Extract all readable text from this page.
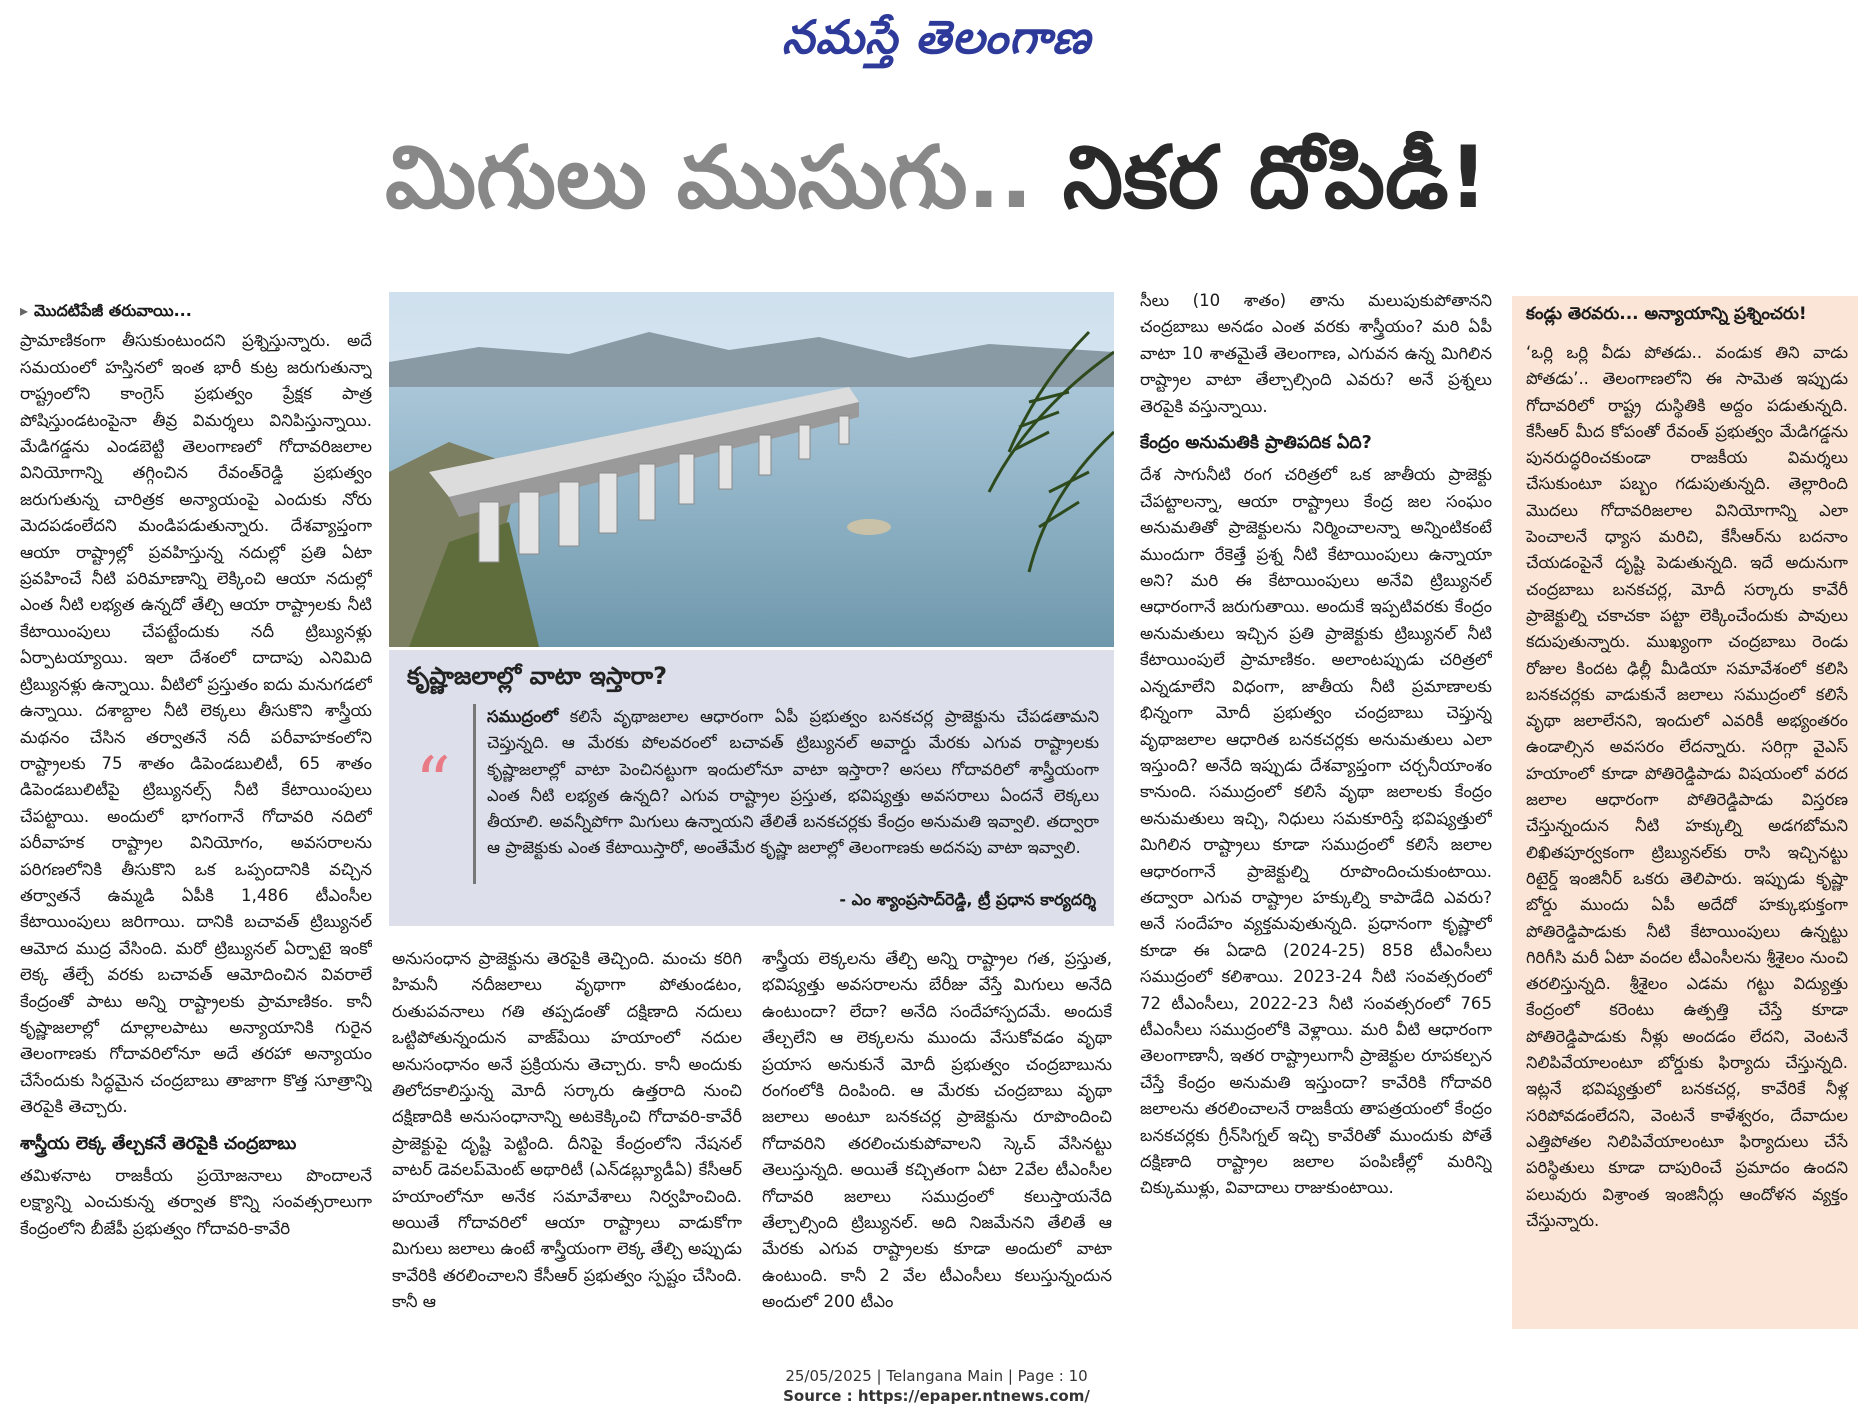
నమస్తే తెలంగాణ
మిగులు ముసుగు.. నికర దోపిడీ!
▸ మొదటిపేజీ తరువాయి...

ప్రామాణికంగా తీసుకుంటుందని ప్రశ్నిస్తున్నారు. అదే సమయంలో హస్తినలో ఇంత భారీ కుట్ర జరుగుతున్నా రాష్ట్రంలోని కాంగ్రెస్ ప్రభుత్వం ప్రేక్షక పాత్ర పోషిస్తుండటంపైనా తీవ్ర విమర్శలు వినిపిస్తున్నాయి. మేడిగడ్డను ఎండబెట్టి తెలంగాణలో గోదావరిజలాల వినియోగాన్ని తగ్గించిన రేవంత్‌రెడ్డి ప్రభుత్వం జరుగుతున్న చారిత్రక అన్యాయంపై ఎందుకు నోరు మెదపడంలేదని మండిపడుతున్నారు. దేశవ్యాప్తంగా ఆయా రాష్ట్రాల్లో ప్రవహిస్తున్న నదుల్లో ప్రతి ఏటా ప్రవహించే నీటి పరిమాణాన్ని లెక్కించి ఆయా నదుల్లో ఎంత నీటి లభ్యత ఉన్నదో తేల్చి ఆయా రాష్ట్రాలకు నీటి కేటాయింపులు చేపట్టేందుకు నదీ ట్రిబ్యునళ్లు ఏర్పాటయ్యాయి. ఇలా దేశంలో దాదాపు ఎనిమిది ట్రిబ్యునళ్లు ఉన్నాయి. వీటిలో ప్రస్తుతం ఐదు మనుగడలో ఉన్నాయి. దశాబ్దాల నీటి లెక్కలు తీసుకొని శాస్త్రీయ మథనం చేసిన తర్వాతనే నదీ పరీవాహకంలోని రాష్ట్రాలకు 75 శాతం డిపెండబులిటీ, 65 శాతం డిపెండబులిటీపై ట్రిబ్యునల్స్ నీటి కేటాయింపులు చేపట్టాయి. అందులో భాగంగానే గోదావరి నదిలో పరీవాహక రాష్ట్రాల వినియోగం, అవసరాలను పరిగణలోనికి తీసుకొని ఒక ఒప్పందానికి వచ్చిన తర్వాతనే ఉమ్మడి ఏపీకి 1,486 టీఎంసీల కేటాయింపులు జరిగాయి. దానికి బచావత్ ట్రిబ్యునల్ ఆమోద ముద్ర వేసింది. మరో ట్రిబ్యునల్ ఏర్పాటై ఇంకో లెక్క తేల్చే వరకు బచావత్ ఆమోదించిన వివరాలే కేంద్రంతో పాటు అన్ని రాష్ట్రాలకు ప్రామాణికం. కానీ కృష్ణాజలాల్లో దూల్లాలపాటు అన్యాయానికి గురైన తెలంగాణకు గోదావరిలోనూ అదే తరహా అన్యాయం చేసేందుకు సిద్ధమైన చంద్రబాబు తాజాగా కొత్త సూత్రాన్ని తెరపైకి తెచ్చారు.

శాస్త్రీయ లెక్క తేల్చకనే తెరపైకి చంద్రబాబు

తమిళనాట రాజకీయ ప్రయోజనాలు పొందాలనే లక్ష్యాన్ని ఎంచుకున్న తర్వాత కొన్ని సంవత్సరాలుగా కేంద్రంలోని బీజేపీ ప్రభుత్వం గోదావరి-కావేరి

కృష్ణాజలాల్లో వాటా ఇస్తారా?
“
సముద్రంలో కలిసే వృథాజలాల ఆధారంగా ఏపీ ప్రభుత్వం బనకచర్ల ప్రాజెక్టును చేపడతామని చెప్తున్నది. ఆ మేరకు పోలవరంలో బచావత్ ట్రిబ్యునల్ అవార్డు మేరకు ఎగువ రాష్ట్రాలకు కృష్ణాజలాల్లో వాటా పెంచినట్టుగా ఇందులోనూ వాటా ఇస్తారా? అసలు గోదావరిలో శాస్త్రీయంగా ఎంత నీటి లభ్యత ఉన్నది? ఎగువ రాష్ట్రాల ప్రస్తుత, భవిష్యత్తు అవసరాలు ఏందనే లెక్కలు తీయాలి. అవన్నీపోగా మిగులు ఉన్నాయని తేలితే బనకచర్లకు కేంద్రం అనుమతి ఇవ్వాలి. తద్వారా ఆ ప్రాజెక్టుకు ఎంత కేటాయిస్తారో, అంతేమేర కృష్ణా జలాల్లో తెలంగాణకు అదనపు వాటా ఇవ్వాలి.
- ఎం శ్యాంప్రసాద్‌రెడ్డి, ట్రీ ప్రధాన కార్యదర్శి

అనుసంధాన ప్రాజెక్టును తెరపైకి తెచ్చింది. మంచు కరిగి హిమనీ నదీజలాలు వృథాగా పోతుండటం, రుతుపవనాలు గతి తప్పడంతో దక్షిణాది నదులు ఒట్టిపోతున్నందున వాజ్‌పేయి హయాంలో నదుల అనుసంధానం అనే ప్రక్రియను తెచ్చారు. కానీ అందుకు తిలోదకాలిస్తున్న మోదీ సర్కారు ఉత్తరాది నుంచి దక్షిణాదికి అనుసంధానాన్ని అటకెక్కించి గోదావరి-కావేరీ ప్రాజెక్టుపై దృష్టి పెట్టింది. దీనిపై కేంద్రంలోని నేషనల్ వాటర్ డెవలప్‌మెంట్ అథారిటీ (ఎన్‌డబ్ల్యూడీఏ) కేసీఆర్ హయాంలోనూ అనేక సమావేశాలు నిర్వహించింది. అయితే గోదావరిలో ఆయా రాష్ట్రాలు వాడుకోగా మిగులు జలాలు ఉంటే శాస్త్రీయంగా లెక్క తేల్చి అప్పుడు కావేరికి తరలించాలని కేసీఆర్ ప్రభుత్వం స్పష్టం చేసింది. కానీ ఆ

శాస్త్రీయ లెక్కలను తేల్చి అన్ని రాష్ట్రాల గత, ప్రస్తుత, భవిష్యత్తు అవసరాలను బేరీజు వేస్తే మిగులు అనేది ఉంటుందా? లేదా? అనేది సందేహాస్పదమే. అందుకే తేల్చలేని ఆ లెక్కలను ముందు వేసుకోవడం వృథా ప్రయాస అనుకునే మోదీ ప్రభుత్వం చంద్రబాబును రంగంలోకి దింపింది. ఆ మేరకు చంద్రబాబు వృథా జలాలు అంటూ బనకచర్ల ప్రాజెక్టును రూపొందించి గోదావరిని తరలించుకుపోవాలని స్కెచ్ వేసినట్టు తెలుస్తున్నది. అయితే కచ్చితంగా ఏటా 2వేల టీఎంసీల గోదావరి జలాలు సముద్రంలో కలుస్తాయనేది తేల్చాల్సింది ట్రిబ్యునల్. అది నిజమేనని తేలితే ఆ మేరకు ఎగువ రాష్ట్రాలకు కూడా అందులో వాటా ఉంటుంది. కానీ 2 వేల టీఎంసీలు కలుస్తున్నందున అందులో 200 టీఎం

సీలు (10 శాతం) తాను మలుపుకుపోతానని చంద్రబాబు అనడం ఎంత వరకు శాస్త్రీయం? మరి ఏపీ వాటా 10 శాతమైతే తెలంగాణ, ఎగువన ఉన్న మిగిలిన రాష్ట్రాల వాటా తేల్చాల్సింది ఎవరు? అనే ప్రశ్నలు తెరపైకి వస్తున్నాయి.

కేంద్రం అనుమతికి ప్రాతిపదిక ఏది?

దేశ సాగునీటి రంగ చరిత్రలో ఒక జాతీయ ప్రాజెక్టు చేపట్టాలన్నా, ఆయా రాష్ట్రాలు కేంద్ర జల సంఘం అనుమతితో ప్రాజెక్టులను నిర్మించాలన్నా అన్నింటికంటే ముందుగా రేకెత్తే ప్రశ్న నీటి కేటాయింపులు ఉన్నాయా అని? మరి ఈ కేటాయింపులు అనేవి ట్రిబ్యునల్ ఆధారంగానే జరుగుతాయి. అందుకే ఇప్పటివరకు కేంద్రం అనుమతులు ఇచ్చిన ప్రతి ప్రాజెక్టుకు ట్రిబ్యునల్ నీటి కేటాయింపులే ప్రామాణికం. అలాంటప్పుడు చరిత్రలో ఎన్నడూలేని విధంగా, జాతీయ నీటి ప్రమాణాలకు భిన్నంగా మోదీ ప్రభుత్వం చంద్రబాబు చెప్తున్న వృథాజలాల ఆధారిత బనకచర్లకు అనుమతులు ఎలా ఇస్తుంది? అనేది ఇప్పుడు దేశవ్యాప్తంగా చర్చనీయాంశం కానుంది. సముద్రంలో కలిసే వృథా జలాలకు కేంద్రం అనుమతులు ఇచ్చి, నిధులు సమకూరిస్తే భవిష్యత్తులో మిగిలిన రాష్ట్రాలు కూడా సముద్రంలో కలిసే జలాల ఆధారంగానే ప్రాజెక్టుల్ని రూపొందించుకుంటాయి. తద్వారా ఎగువ రాష్ట్రాల హక్కుల్ని కాపాడేది ఎవరు? అనే సందేహం వ్యక్తమవుతున్నది. ప్రధానంగా కృష్ణాలో కూడా ఈ ఏడాది (2024-25) 858 టీఎంసీలు సముద్రంలో కలిశాయి. 2023-24 నీటి సంవత్సరంలో 72 టీఎంసీలు, 2022-23 నీటి సంవత్సరంలో 765 టీఎంసీలు సముద్రంలోకి వెళ్లాయి. మరి వీటి ఆధారంగా తెలంగాణానీ, ఇతర రాష్ట్రాలుగానీ ప్రాజెక్టుల రూపకల్పన చేస్తే కేంద్రం అనుమతి ఇస్తుందా? కావేరికి గోదావరి జలాలను తరలించాలనే రాజకీయ తాపత్రయంలో కేంద్రం బనకచర్లకు గ్రీన్‌సిగ్నల్ ఇచ్చి కావేరితో ముందుకు పోతే దక్షిణాది రాష్ట్రాల జలాల పంపిణీల్లో మరిన్ని చిక్కుముళ్లు, వివాదాలు రాజుకుంటాయి.

కండ్లు తెరవరు... అన్యాయాన్ని ప్రశ్నించరు!
‘ఒర్లి ఒర్లి వీడు పోతడు.. వండుక తిని వాడు పోతడు’.. తెలంగాణలోని ఈ సామెత ఇప్పుడు గోదావరిలో రాష్ట్ర దుస్థితికి అద్దం పడుతున్నది. కేసీఆర్ మీద కోపంతో రేవంత్ ప్రభుత్వం మేడిగడ్డను పునరుద్ధరించకుండా రాజకీయ విమర్శలు చేసుకుంటూ పబ్బం గడుపుతున్నది. తెల్లారింది మొదలు గోదావరిజలాల వినియోగాన్ని ఎలా పెంచాలనే ధ్యాస మరిచి, కేసీఆర్‌ను బదనాం చేయడంపైనే దృష్టి పెడుతున్నది. ఇదే అదునుగా చంద్రబాబు బనకచర్ల, మోదీ సర్కారు కావేరీ ప్రాజెక్టుల్ని చకాచకా పట్టా లెక్కించేందుకు పావులు కదుపుతున్నారు. ముఖ్యంగా చంద్రబాబు రెండు రోజుల కిందట ఢిల్లీ మీడియా సమావేశంలో కలిసి బనకచర్లకు వాడుకునే జలాలు సముద్రంలో కలిసే వృథా జలాలేనని, ఇందులో ఎవరికీ అభ్యంతరం ఉండాల్సిన అవసరం లేదన్నారు. సరిగ్గా వైఎస్ హయాంలో కూడా పోతిరెడ్డిపాడు విషయంలో వరద జలాల ఆధారంగా పోతిరెడ్డిపాడు విస్తరణ చేస్తున్నందున నీటి హక్కుల్ని అడగబోమని లిఖితపూర్వకంగా ట్రిబ్యునల్‌కు రాసి ఇచ్చినట్టు రిటైర్డ్ ఇంజినీర్ ఒకరు తెలిపారు. ఇప్పుడు కృష్ణా బోర్డు ముందు ఏపీ అదేదో హక్కుభుక్తంగా పోతిరెడ్డిపాడుకు నీటి కేటాయింపులు ఉన్నట్టు గిరిగీసి మరీ ఏటా వందల టీఎంసీలను శ్రీశైలం నుంచి తరలిస్తున్నది. శ్రీశైలం ఎడమ గట్టు విద్యుత్తు కేంద్రంలో కరెంటు ఉత్పత్తి చేస్తే కూడా పోతిరెడ్డిపాడుకు నీళ్లు అందడం లేదని, వెంటనే నిలిపివేయాలంటూ బోర్డుకు ఫిర్యాదు చేస్తున్నది. ఇట్లనే భవిష్యత్తులో బనకచర్ల, కావేరికే నీళ్ల సరిపోవడంలేదని, వెంటనే కాళేశ్వరం, దేవాదుల ఎత్తిపోతల నిలిపివేయాలంటూ ఫిర్యాదులు చేసే పరిస్థితులు కూడా దాపురించే ప్రమాదం ఉందని పలువురు విశ్రాంత ఇంజినీర్లు ఆందోళన వ్యక్తం చేస్తున్నారు.
25/05/2025 | Telangana Main | Page : 10
Source : https://epaper.ntnews.com/
